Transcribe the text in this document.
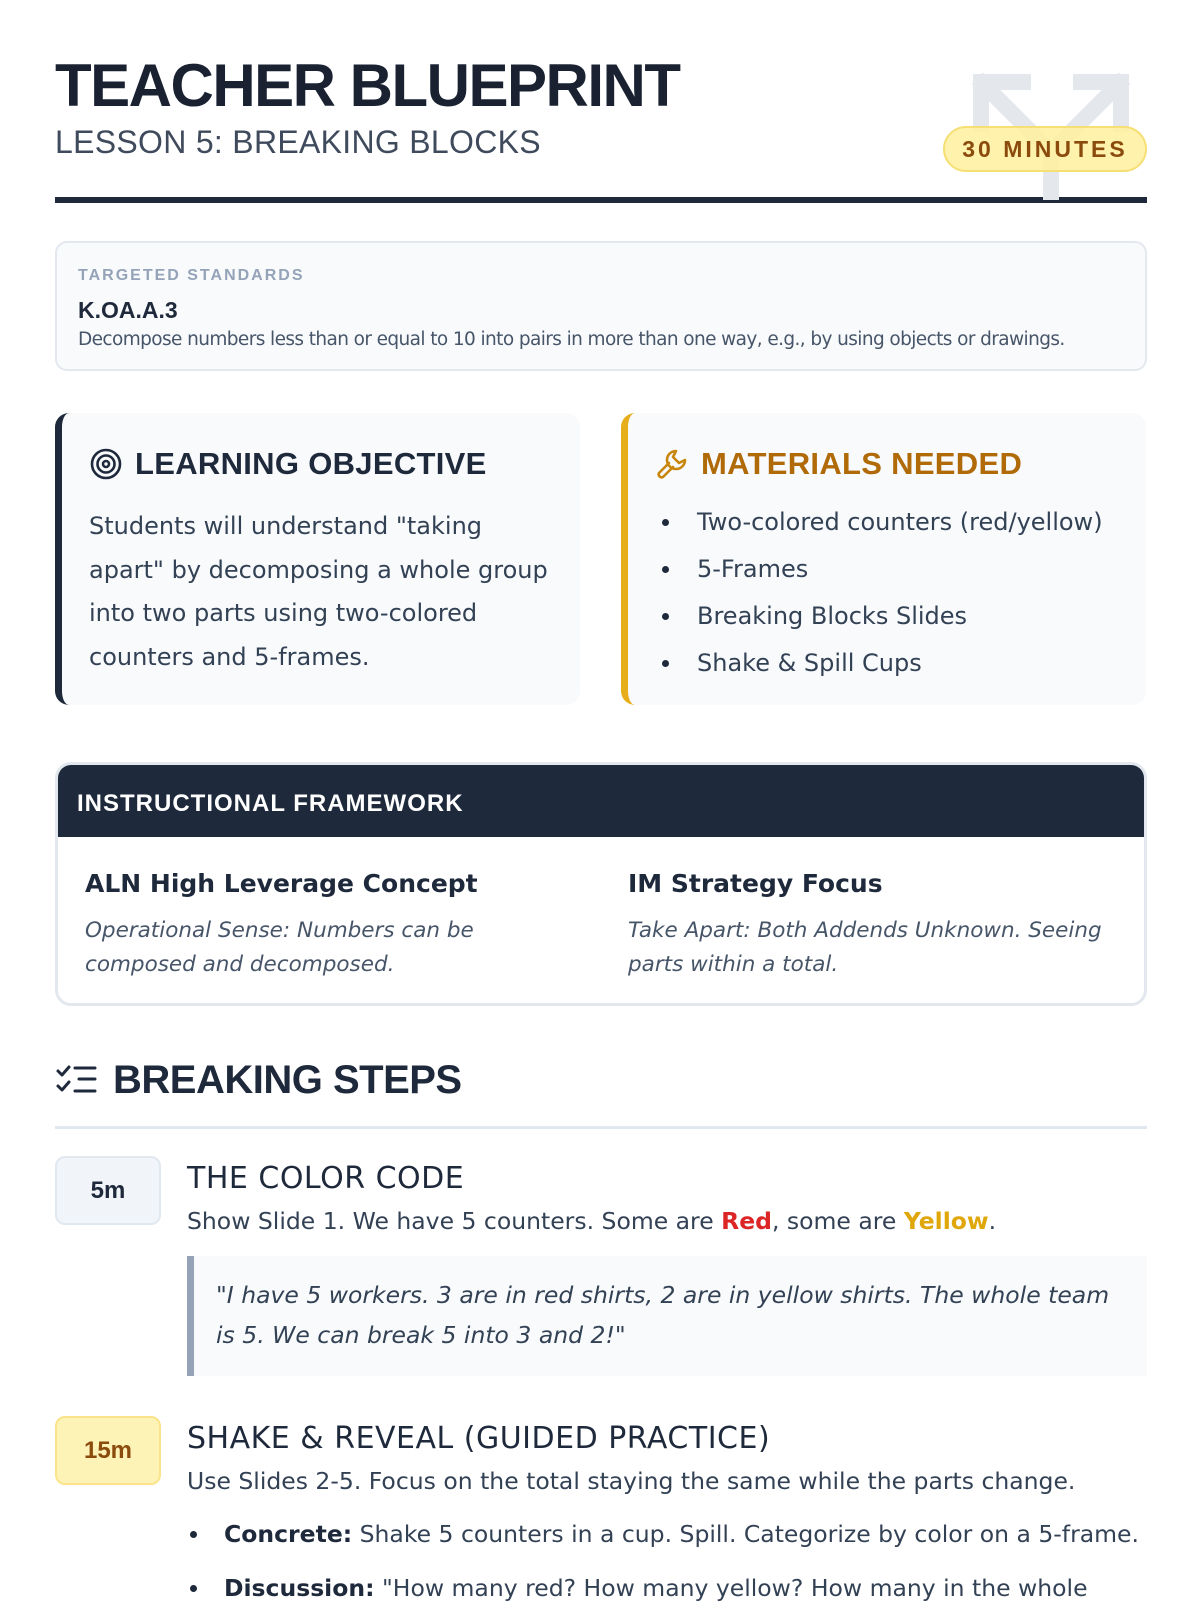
TEACHER BLUEPRINT
LESSON 5: BREAKING BLOCKS	30 MINUTES
TARGETED STANDARDS
K.OA.A.3
Decompose numbers less than or equal to 10 into pairs in more than one way, e.g., by using objects or drawings.
LEARNING OBJECTIVE
Students will understand "taking apart" by decomposing a whole group into two parts using two-colored counters and 5-frames.
MATERIALS NEEDED
Two-colored counters (red/yellow)
5-Frames
Breaking Blocks Slides
Shake & Spill Cups
INSTRUCTIONAL FRAMEWORK
ALN High Leverage Concept
Operational Sense: Numbers can be composed and decomposed.
IM Strategy Focus
Take Apart: Both Addends Unknown. Seeing parts within a total.
BREAKING STEPS
5m	THE COLOR CODE
Show Slide 1. We have 5 counters. Some are Red, some are Yellow.
"I have 5 workers. 3 are in red shirts, 2 are in yellow shirts. The whole team is 5. We can break 5 into 3 and 2!"
15m	SHAKE & REVEAL (GUIDED PRACTICE)
Use Slides 2-5. Focus on the total staying the same while the parts change.
Concrete: Shake 5 counters in a cup. Spill. Categorize by color on a 5-frame.
Discussion: "How many red? How many yellow? How many in the whole
